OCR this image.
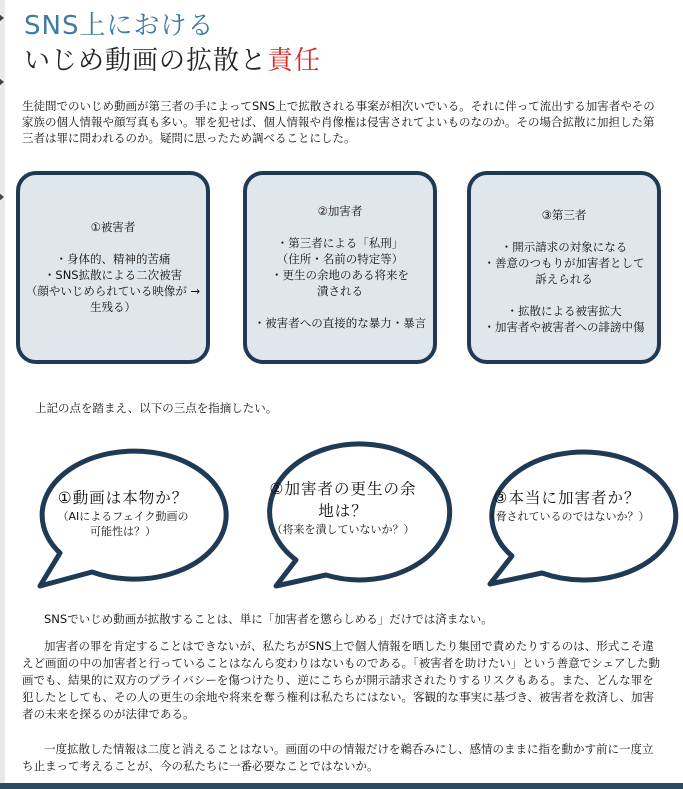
SNS上における
いじめ動画の拡散と責任
生徒間でのいじめ動画が第三者の手によってSNS上で拡散される事案が相次いでいる。それに伴って流出する加害者やその家族の個人情報や顔写真も多い。罪を犯せば、個人情報や肖像権は侵害されてよいものなのか。その場合拡散に加担した第三者は罪に問われるのか。疑問に思ったため調べることにした。
①被害者
・身体的、精神的苦痛
・SNS拡散による二次被害
（顔やいじめられている映像が →
生残る）
②加害者
・第三者による「私刑」
（住所・名前の特定等）
・更生の余地のある将来を
潰される
・被害者への直接的な暴力・暴言
③第三者
・開示請求の対象になる
・善意のつもりが加害者として
訴えられる
・拡散による被害拡大
・加害者や被害者への誹謗中傷
上記の点を踏まえ、以下の三点を指摘したい。
①動画は本物か？
（AIによるフェイク動画の
可能性は？）
②加害者の更生の余
地は？
（将来を潰していないか？）
③本当に加害者か？
（脅されているのではないか？）
SNSでいじめ動画が拡散することは、単に「加害者を懲らしめる」だけでは済まない。
加害者の罪を肯定することはできないが、私たちがSNS上で個人情報を晒したり集団で責めたりするのは、形式こそ違えど画面の中の加害者と行っていることはなんら変わりはないものである。「被害者を助けたい」という善意でシェアした動画でも、結果的に双方のプライバシーを傷つけたり、逆にこちらが開示請求されたりするリスクもある。また、どんな罪を犯したとしても、その人の更生の余地や将来を奪う権利は私たちにはない。客観的な事実に基づき、被害者を救済し、加害者の未来を探るのが法律である。
一度拡散した情報は二度と消えることはない。画面の中の情報だけを鵜呑みにし、感情のままに指を動かす前に一度立ち止まって考えることが、今の私たちに一番必要なことではないか。
